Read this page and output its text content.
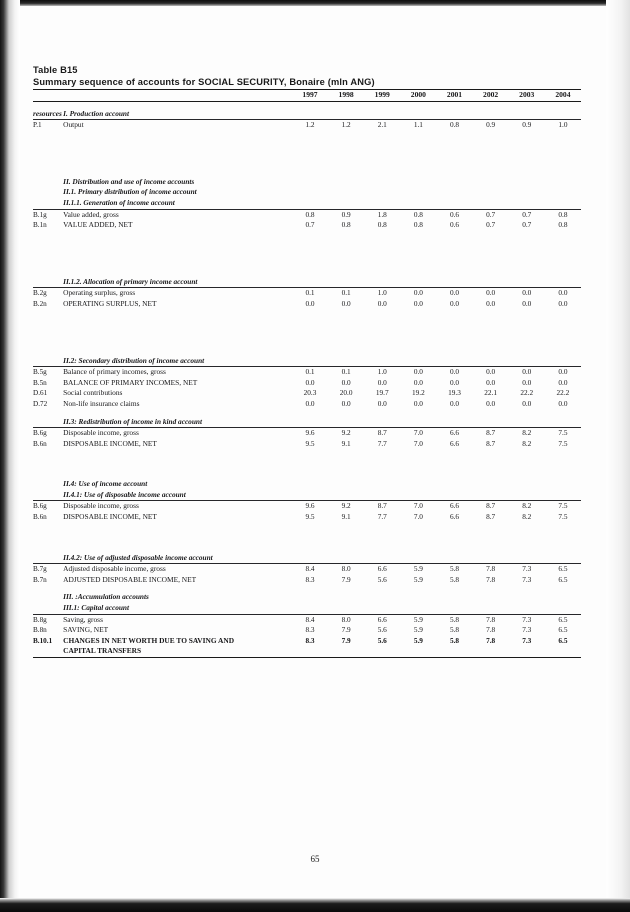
Table B15
Summary sequence of accounts for SOCIAL SECURITY, Bonaire (mln ANG)
		1997	1998	1999	2000	2001	2002	2003	2004

resources	I. Production account								
P.1	Output	1.2	1.2	2.1	1.1	0.8	0.9	0.9	1.0

	II. Distribution and use of income accounts								
	II.1. Primary distribution of income account								
	II.1.1. Generation of income account								
B.1g	Value added, gross	0.8	0.9	1.8	0.8	0.6	0.7	0.7	0.8
B.1n	VALUE ADDED, NET	0.7	0.8	0.8	0.8	0.6	0.7	0.7	0.8

	II.1.2. Allocation of primary income account								
B.2g	Operating surplus, gross	0.1	0.1	1.0	0.0	0.0	0.0	0.0	0.0
B.2n	OPERATING SURPLUS, NET	0.0	0.0	0.0	0.0	0.0	0.0	0.0	0.0

	II.2: Secondary distribution of income account								
B.5g	Balance of primary incomes, gross	0.1	0.1	1.0	0.0	0.0	0.0	0.0	0.0
B.5n	BALANCE OF PRIMARY INCOMES, NET	0.0	0.0	0.0	0.0	0.0	0.0	0.0	0.0
D.61	Social contributions	20.3	20.0	19.7	19.2	19.3	22.1	22.2	22.2
D.72	Non-life insurance claims	0.0	0.0	0.0	0.0	0.0	0.0	0.0	0.0

	II.3: Redistribution of income in kind account								
B.6g	Disposable income, gross	9.6	9.2	8.7	7.0	6.6	8.7	8.2	7.5
B.6n	DISPOSABLE INCOME, NET	9.5	9.1	7.7	7.0	6.6	8.7	8.2	7.5

	II.4: Use of income account								
	II.4.1: Use of disposable income account								
B.6g	Disposable income, gross	9.6	9.2	8.7	7.0	6.6	8.7	8.2	7.5
B.6n	DISPOSABLE INCOME, NET	9.5	9.1	7.7	7.0	6.6	8.7	8.2	7.5

	II.4.2: Use of adjusted disposable income account								
B.7g	Adjusted disposable income, gross	8.4	8.0	6.6	5.9	5.8	7.8	7.3	6.5
B.7n	ADJUSTED DISPOSABLE INCOME, NET	8.3	7.9	5.6	5.9	5.8	7.8	7.3	6.5

	III. :Accumulation accounts								
	III.1: Capital account								
B.8g	Saving, gross	8.4	8.0	6.6	5.9	5.8	7.8	7.3	6.5
B.8n	SAVING, NET	8.3	7.9	5.6	5.9	5.8	7.8	7.3	6.5
B.10.1	CHANGES IN NET WORTH DUE TO SAVING AND	8.3	7.9	5.6	5.9	5.8	7.8	7.3	6.5
	CAPITAL TRANSFERS								
65
